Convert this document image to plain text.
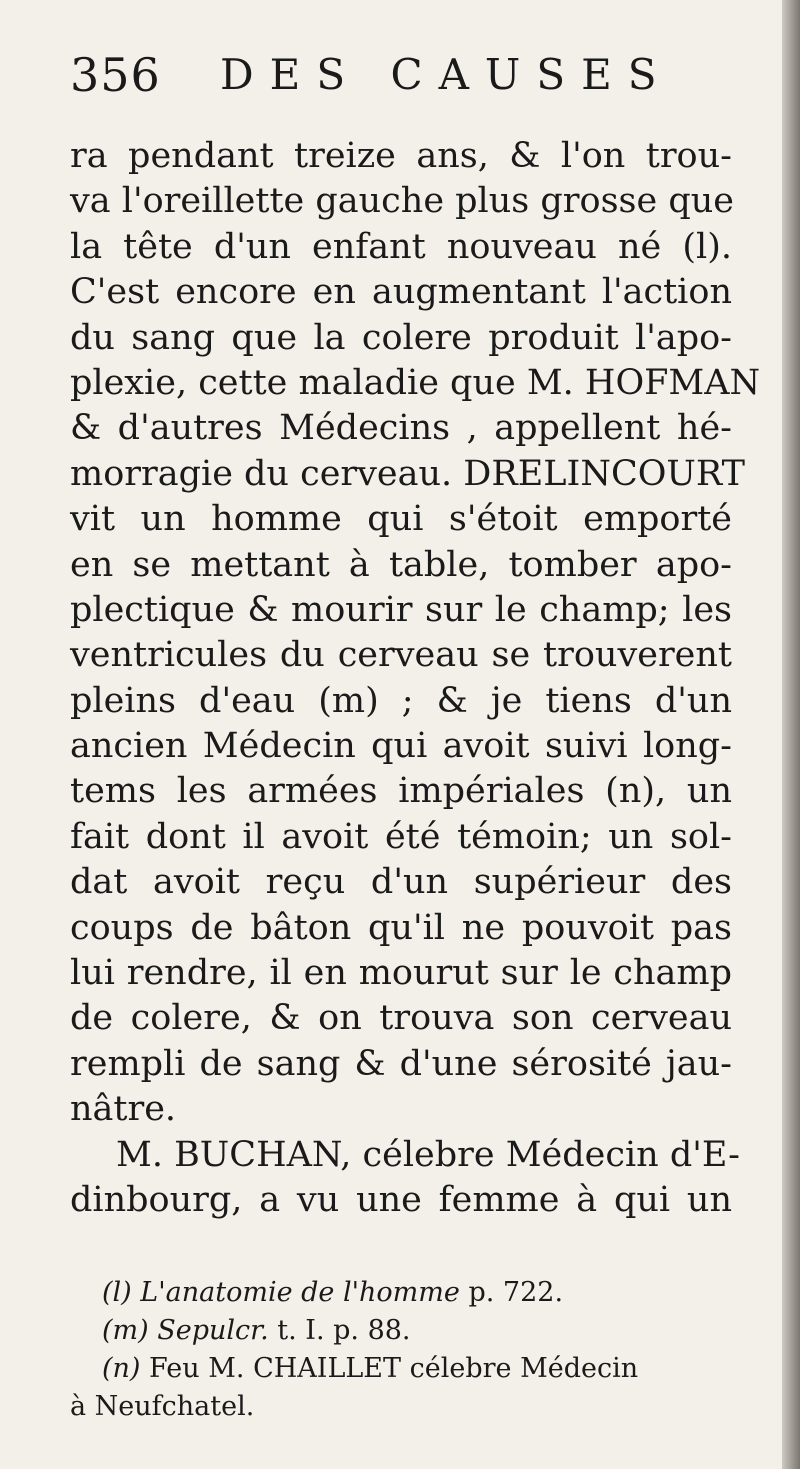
356 DES CAUSES
ra pendant treize ans, & l'on trou-
va l'oreillette gauche plus grosse que
la tête d'un enfant nouveau né (l).
C'est encore en augmentant l'action
du sang que la colere produit l'apo-
plexie, cette maladie que M. HOFMAN
& d'autres Médecins , appellent hé-
morragie du cerveau. DRELINCOURT
vit un homme qui s'étoit emporté
en se mettant à table, tomber apo-
plectique & mourir sur le champ; les
ventricules du cerveau se trouverent
pleins d'eau (m) ; & je tiens d'un
ancien Médecin qui avoit suivi long-
tems les armées impériales (n), un
fait dont il avoit été témoin; un sol-
dat avoit reçu d'un supérieur des
coups de bâton qu'il ne pouvoit pas
lui rendre, il en mourut sur le champ
de colere, & on trouva son cerveau
rempli de sang & d'une sérosité jau-
nâtre.
M. BUCHAN, célebre Médecin d'E-
dinbourg, a vu une femme à qui un
(l) L'anatomie de l'homme p. 722.
(m) Sepulcr. t. I. p. 88.
(n) Feu M. CHAILLET célebre Médecin
à Neufchatel.
